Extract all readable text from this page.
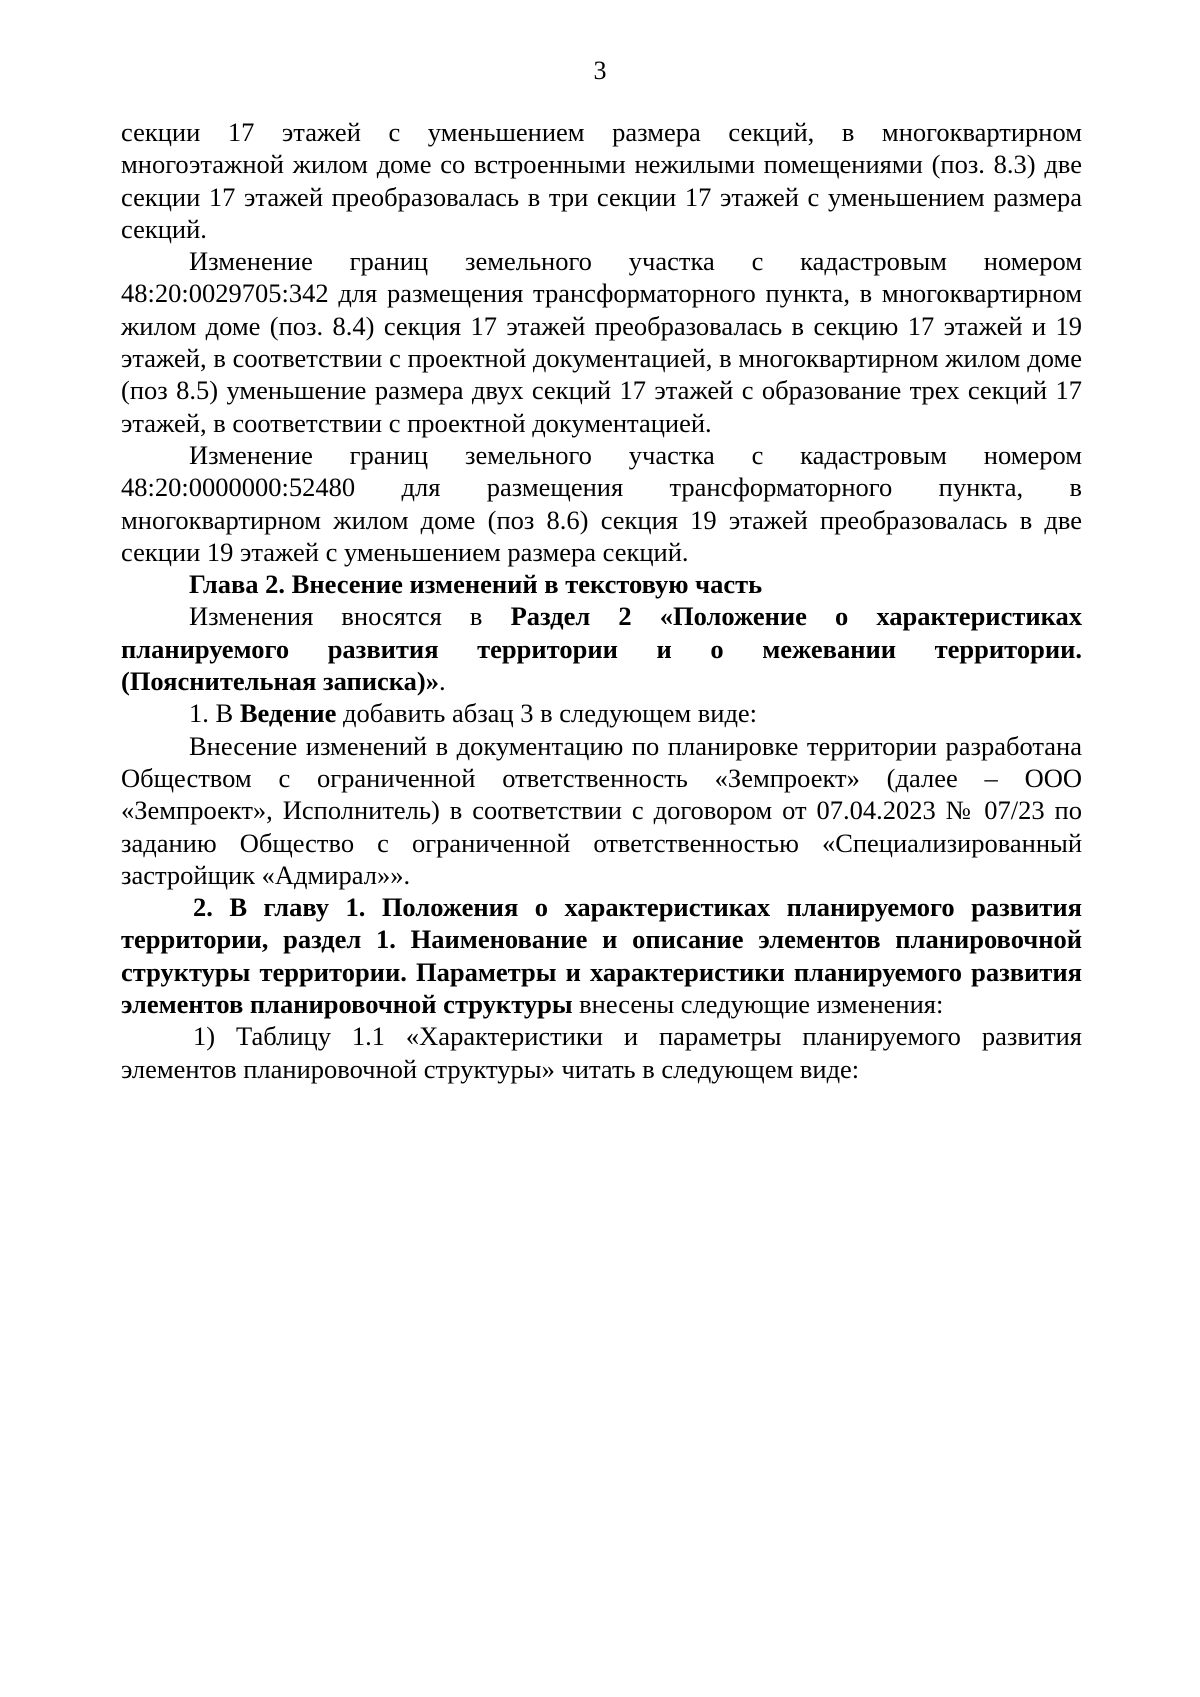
3

секции 17 этажей с уменьшением размера секций, в многоквартирном многоэтажной жилом доме со встроенными нежилыми помещениями (поз. 8.3) две секции 17 этажей преобразовалась в три секции 17 этажей с уменьшением размера секций.

Изменение границ земельного участка с кадастровым номером 48:20:0029705:342 для размещения трансформаторного пункта, в многоквартирном жилом доме (поз. 8.4) секция 17 этажей преобразовалась в секцию 17 этажей и 19 этажей, в соответствии с проектной документацией, в многоквартирном жилом доме (поз 8.5) уменьшение размера двух секций 17 этажей с образование трех секций 17 этажей, в соответствии с проектной документацией.

Изменение границ земельного участка с кадастровым номером 48:20:0000000:52480 для размещения трансформаторного пункта, в многоквартирном жилом доме (поз 8.6) секция 19 этажей преобразовалась в две секции 19 этажей с уменьшением размера секций.

Глава 2. Внесение изменений в текстовую часть

Изменения вносятся в Раздел 2 «Положение о характеристиках планируемого развития территории и о межевании территории. (Пояснительная записка)».

1. В Ведение добавить абзац 3 в следующем виде:

Внесение изменений в документацию по планировке территории разработана Обществом с ограниченной ответственность «Земпроект» (далее – ООО «Земпроект», Исполнитель) в соответствии с договором от 07.04.2023 № 07/23 по заданию Общество с ограниченной ответственностью «Специализированный застройщик «Адмирал»».

2. В главу 1. Положения о характеристиках планируемого развития территории, раздел 1. Наименование и описание элементов планировочной структуры территории. Параметры и характеристики планируемого развития элементов планировочной структуры внесены следующие изменения:

1) Таблицу 1.1 «Характеристики и параметры планируемого развития элементов планировочной структуры» читать в следующем виде:
